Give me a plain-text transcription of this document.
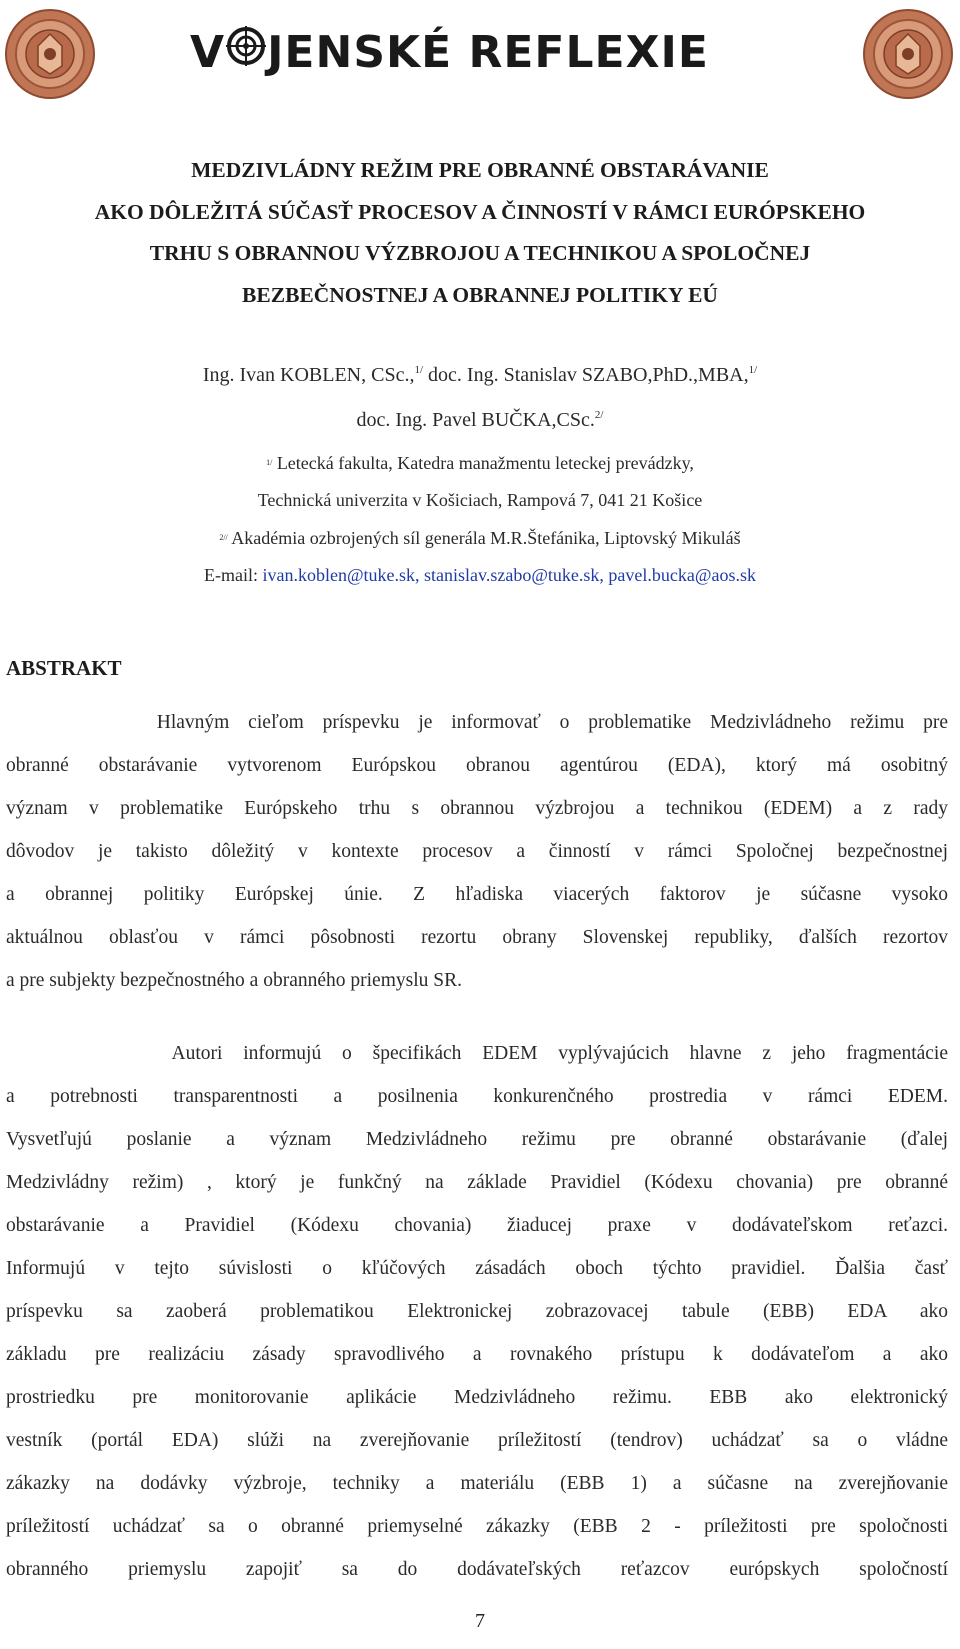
V JENSKÉ REFLEXIE
MEDZIVLÁDNY REŽIM PRE OBRANNÉ OBSTARÁVANIE
AKO DÔLEŽITÁ SÚČASŤ PROCESOV A ČINNOSTÍ V RÁMCI EURÓPSKEHO
TRHU S OBRANNOU VÝZBROJOU A TECHNIKOU A SPOLOČNEJ
BEZBEČNOSTNEJ A OBRANNEJ POLITIKY EÚ
Ing. Ivan KOBLEN, CSc.,$^{1/}$ doc. Ing. Stanislav SZABO,PhD.,MBA,$^{1/}$
doc. Ing. Pavel BUČKA,CSc.$^{2/}$
$^{1/}$ Letecká fakulta, Katedra manažmentu leteckej prevádzky,
Technická univerzita v Košiciach, Rampová 7, 041 21 Košice
$^{2//}$ Akadémia ozbrojených síl generála M.R.Štefánika, Liptovský Mikuláš
E-mail: ivan.koblen@tuke.sk, stanislav.szabo@tuke.sk, pavel.bucka@aos.sk
ABSTRAKT
Hlavným cieľom príspevku je informovať o problematike Medzivládneho režimu pre
obranné obstarávanie vytvorenom Európskou obranou agentúrou (EDA), ktorý má osobitný
význam v problematike Európskeho trhu s obrannou výzbrojou a technikou (EDEM) a z rady
dôvodov je takisto dôležitý v kontexte procesov a činností v rámci Spoločnej bezpečnostnej
a obrannej politiky Európskej únie. Z hľadiska viacerých faktorov je súčasne vysoko
aktuálnou oblasťou v rámci pôsobnosti rezortu obrany Slovenskej republiky, ďalších rezortov
a pre subjekty bezpečnostného a obranného priemyslu SR.
Autori informujú o špecifikách EDEM vyplývajúcich hlavne z jeho fragmentácie
a potrebnosti transparentnosti a posilnenia konkurenčného prostredia v rámci EDEM.
Vysvetľujú poslanie a význam Medzivládneho režimu pre obranné obstarávanie (ďalej
Medzivládny režim) , ktorý je funkčný na základe Pravidiel (Kódexu chovania) pre obranné
obstarávanie a Pravidiel (Kódexu chovania) žiaducej praxe v dodávateľskom reťazci.
Informujú v tejto súvislosti o kľúčových zásadách oboch týchto pravidiel. Ďalšia časť
príspevku sa zaoberá problematikou Elektronickej zobrazovacej tabule (EBB) EDA ako
základu pre realizáciu zásady spravodlivého a rovnakého prístupu k dodávateľom a ako
prostriedku pre monitorovanie aplikácie Medzivládneho režimu. EBB ako elektronický
vestník (portál EDA) slúži na zverejňovanie príležitostí (tendrov) uchádzať sa o vládne
zákazky na dodávky výzbroje, techniky a materiálu (EBB 1) a súčasne na zverejňovanie
príležitostí uchádzať sa o obranné priemyselné zákazky (EBB 2 - príležitosti pre spoločnosti
obranného priemyslu zapojiť sa do dodávateľských reťazcov európskych spoločností
7
